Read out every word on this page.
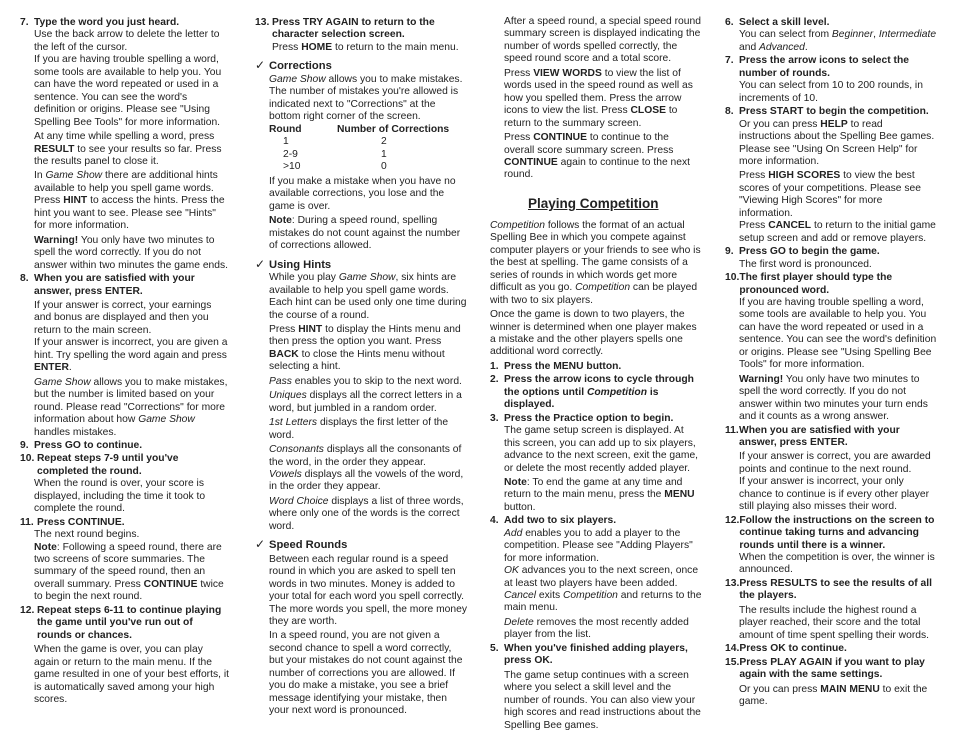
7. Type the word you just heard.

Use the back arrow to delete the letter to the left of the cursor.

If you are having trouble spelling a word, some tools are available to help you. You can have the word repeated or used in a sentence. You can see the word's definition or origins. Please see "Using Spelling Bee Tools" for more information.

At any time while spelling a word, press RESULT to see your results so far. Press the results panel to close it.

In Game Show there are additional hints available to help you spell game words. Press HINT to access the hints. Press the hint you want to see. Please see "Hints" for more information.

Warning! You only have two minutes to spell the word correctly. If you do not answer within two minutes the game ends.

8. When you are satisfied with your answer, press ENTER.

If your answer is correct, your earnings and bonus are displayed and then you return to the main screen.

If your answer is incorrect, you are given a hint. Try spelling the word again and press ENTER.

Game Show allows you to make mistakes, but the number is limited based on your round. Please read "Corrections" for more information about how Game Show handles mistakes.

9. Press GO to continue.
10. Repeat steps 7-9 until you've completed the round.

When the round is over, your score is displayed, including the time it took to complete the round.

11. Press CONTINUE.

The next round begins.

Note: Following a speed round, there are two screens of score summaries. The summary of the speed round, then an overall summary. Press CONTINUE twice to begin the next round.

12. Repeat steps 6-11 to continue playing the game until you've run out of rounds or chances.

When the game is over, you can play again or return to the main menu. If the game resulted in one of your best efforts, it is automatically saved among your high scores.

13. Press TRY AGAIN to return to the character selection screen.

Press HOME to return to the main menu.

✓ Corrections

Game Show allows you to make mistakes. The number of mistakes you're allowed is indicated next to "Corrections" at the bottom right corner of the screen.

Round	Number of Corrections
1	2
2-9	1
>10	0

If you make a mistake when you have no available corrections, you lose and the game is over.

Note: During a speed round, spelling mistakes do not count against the number of corrections allowed.

✓ Using Hints

While you play Game Show, six hints are available to help you spell game words. Each hint can be used only one time during the course of a round.

Press HINT to display the Hints menu and then press the option you want. Press BACK to close the Hints menu without selecting a hint.

Pass enables you to skip to the next word.

Uniques displays all the correct letters in a word, but jumbled in a random order.

1st Letters displays the first letter of the word.

Consonants displays all the consonants of the word, in the order they appear.

Vowels displays all the vowels of the word, in the order they appear.

Word Choice displays a list of three words, where only one of the words is the correct word.

✓ Speed Rounds

Between each regular round is a speed round in which you are asked to spell ten words in two minutes. Money is added to your total for each word you spell correctly. The more words you spell, the more money they are worth.

In a speed round, you are not given a second chance to spell a word correctly, but your mistakes do not count against the number of corrections you are allowed. If you do make a mistake, you see a brief message identifying your mistake, then your next word is pronounced.

After a speed round, a special speed round summary screen is displayed indicating the number of words spelled correctly, the speed round score and a total score.

Press VIEW WORDS to view the list of words used in the speed round as well as how you spelled them. Press the arrow icons to view the list. Press CLOSE to return to the summary screen.

Press CONTINUE to continue to the overall score summary screen. Press CONTINUE again to continue to the next round.

Playing Competition

Competition follows the format of an actual Spelling Bee in which you compete against computer players or your friends to see who is the best at spelling. The game consists of a series of rounds in which words get more difficult as you go. Competition can be played with two to six players.

Once the game is down to two players, the winner is determined when one player makes a mistake and the other players spells one additional word correctly.

1. Press the MENU button.
2. Press the arrow icons to cycle through the options until Competition is displayed.
3. Press the Practice option to begin.

The game setup screen is displayed. At this screen, you can add up to six players, advance to the next screen, exit the game, or delete the most recently added player.

Note: To end the game at any time and return to the main menu, press the MENU button.

4. Add two to six players.

Add enables you to add a player to the competition. Please see "Adding Players" for more information.

OK advances you to the next screen, once at least two players have been added.

Cancel exits Competition and returns to the main menu.

Delete removes the most recently added player from the list.

5. When you've finished adding players, press OK.

The game setup continues with a screen where you select a skill level and the number of rounds. You can also view your high scores and read instructions about the Spelling Bee games.

6. Select a skill level.

You can select from Beginner, Intermediate and Advanced.

7. Press the arrow icons to select the number of rounds.

You can select from 10 to 200 rounds, in increments of 10.

8. Press START to begin the competition.

Or you can press HELP to read instructions about the Spelling Bee games. Please see "Using On Screen Help" for more information.

Press HIGH SCORES to view the best scores of your competitions. Please see "Viewing High Scores" for more information.

Press CANCEL to return to the initial game setup screen and add or remove players.

9. Press GO to begin the game.

The first word is pronounced.

10. The first player should type the pronounced word.

If you are having trouble spelling a word, some tools are available to help you. You can have the word repeated or used in a sentence. You can see the word's definition or origins. Please see "Using Spelling Bee Tools" for more information.

Warning! You only have two minutes to spell the word correctly. If you do not answer within two minutes your turn ends and it counts as a wrong answer.

11. When you are satisfied with your answer, press ENTER.

If your answer is correct, you are awarded points and continue to the next round.

If your answer is incorrect, your only chance to continue is if every other player still playing also misses their word.

12. Follow the instructions on the screen to continue taking turns and advancing rounds until there is a winner.

When the competition is over, the winner is announced.

13. Press RESULTS to see the results of all the players.

The results include the highest round a player reached, their score and the total amount of time spent spelling their words.

14. Press OK to continue.
15. Press PLAY AGAIN if you want to play again with the same settings.

Or you can press MAIN MENU to exit the game.
